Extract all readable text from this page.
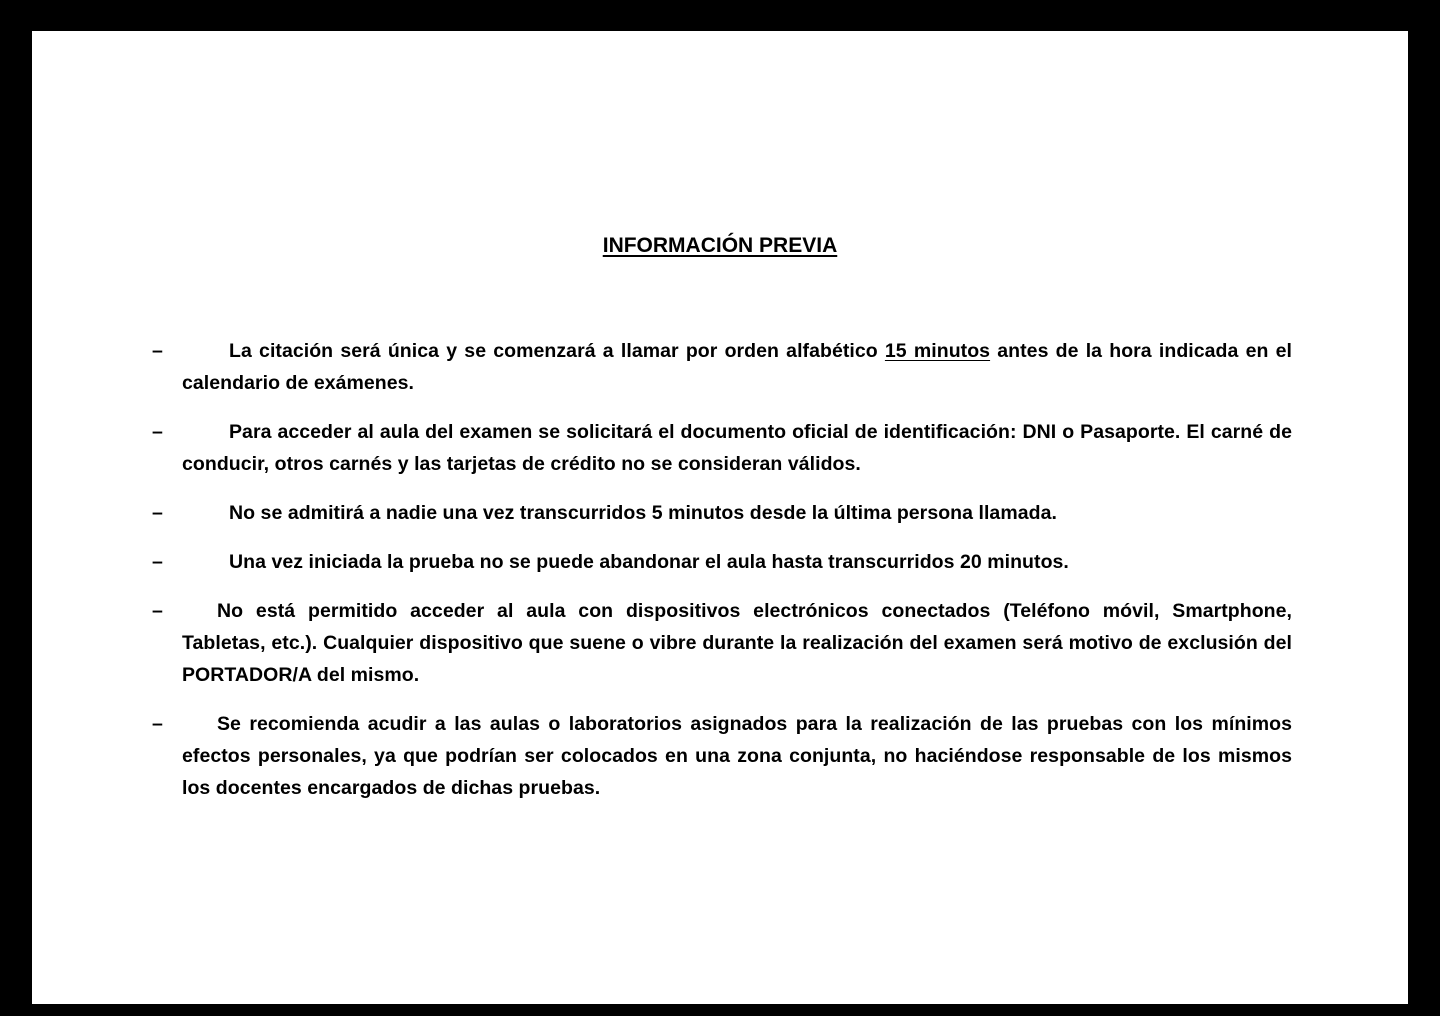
INFORMACIÓN PREVIA
–	La citación será única y se comenzará a llamar por orden alfabético 15 minutos antes de la hora indicada en el calendario de exámenes.

–	Para acceder al aula del examen se solicitará el documento oficial de identificación: DNI o Pasaporte. El carné de conducir, otros carnés y las tarjetas de crédito no se consideran válidos.

–	No se admitirá a nadie una vez transcurridos 5 minutos desde la última persona llamada.

–	Una vez iniciada la prueba no se puede abandonar el aula hasta transcurridos 20 minutos.

–	No está permitido acceder al aula con dispositivos electrónicos conectados (Teléfono móvil, Smartphone, Tabletas, etc.). Cualquier dispositivo que suene o vibre durante la realización del examen será motivo de exclusión del PORTADOR/A del mismo.

–	Se recomienda acudir a las aulas o laboratorios asignados para la realización de las pruebas con los mínimos efectos personales, ya que podrían ser colocados en una zona conjunta, no haciéndose responsable de los mismos los docentes encargados de dichas pruebas.
